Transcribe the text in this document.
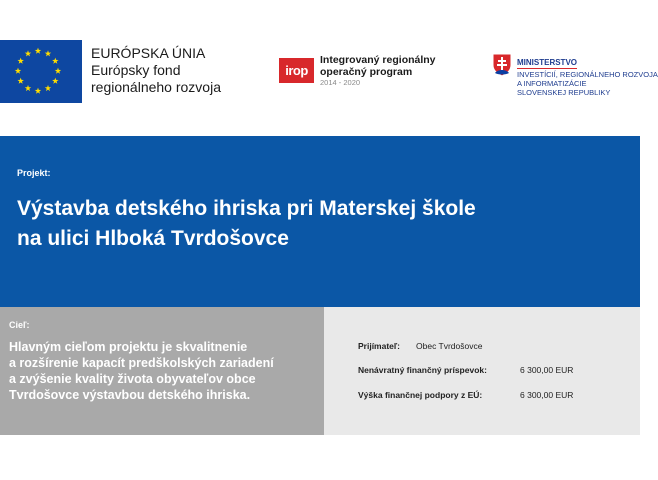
EURÓPSKA ÚNIA
Európsky fond
regionálneho rozvoja
irop
Integrovaný regionálny
operačný program
2014 - 2020
MINISTERSTVO
INVESTÍCIÍ, REGIONÁLNEHO ROZVOJA
A INFORMATIZÁCIE
SLOVENSKEJ REPUBLIKY
Projekt:
Výstavba detského ihriska pri Materskej škole
na ulici Hlboká Tvrdošovce
Cieľ:
Hlavným cieľom projektu je skvalitnenie
a rozšírenie kapacít predškolských zariadení
a zvýšenie kvality života obyvateľov obce
Tvrdošovce výstavbou detského ihriska.
Prijímateľ: Obec Tvrdošovce
Nenávratný finančný príspevok:	6 300,00 EUR
Výška finančnej podpory z EÚ:	6 300,00 EUR
